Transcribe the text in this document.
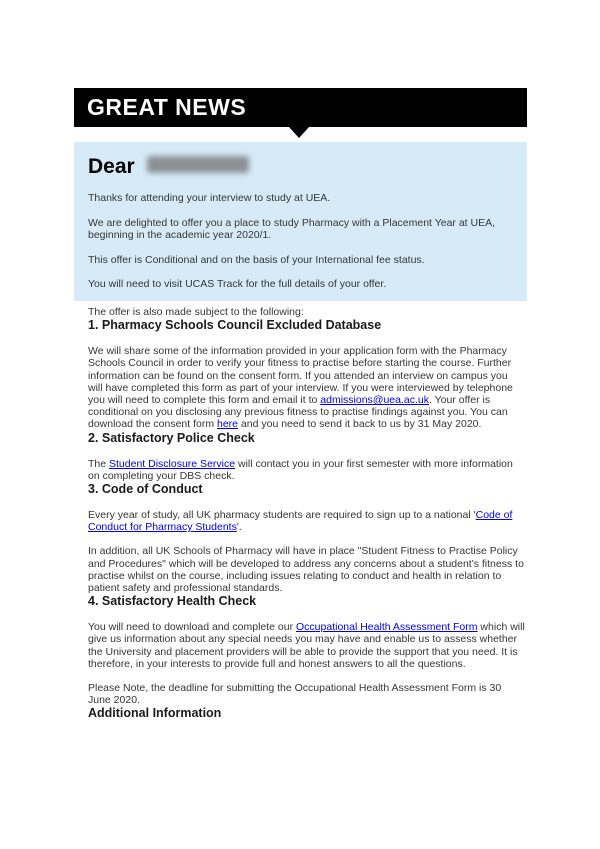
GREAT NEWS
Dear

Thanks for attending your interview to study at UEA.

We are delighted to offer you a place to study Pharmacy with a Placement Year at UEA, beginning in the academic year 2020/1.

This offer is Conditional and on the basis of your International fee status.

You will need to visit UCAS Track for the full details of your offer.

The offer is also made subject to the following:

1. Pharmacy Schools Council Excluded Database

We will share some of the information provided in your application form with the Pharmacy Schools Council in order to verify your fitness to practise before starting the course. Further information can be found on the consent form. If you attended an interview on campus you will have completed this form as part of your interview. If you were interviewed by telephone you will need to complete this form and email it to admissions@uea.ac.uk. Your offer is conditional on you disclosing any previous fitness to practise findings against you. You can download the consent form here and you need to send it back to us by 31 May 2020.

2. Satisfactory Police Check

The Student Disclosure Service will contact you in your first semester with more information on completing your DBS check.

3. Code of Conduct

Every year of study, all UK pharmacy students are required to sign up to a national 'Code of Conduct for Pharmacy Students'.

In addition, all UK Schools of Pharmacy will have in place "Student Fitness to Practise Policy and Procedures" which will be developed to address any concerns about a student's fitness to practise whilst on the course, including issues relating to conduct and health in relation to patient safety and professional standards.

4. Satisfactory Health Check

You will need to download and complete our Occupational Health Assessment Form which will give us information about any special needs you may have and enable us to assess whether the University and placement providers will be able to provide the support that you need. It is therefore, in your interests to provide full and honest answers to all the questions.

Please Note, the deadline for submitting the Occupational Health Assessment Form is 30 June 2020.

Additional Information
